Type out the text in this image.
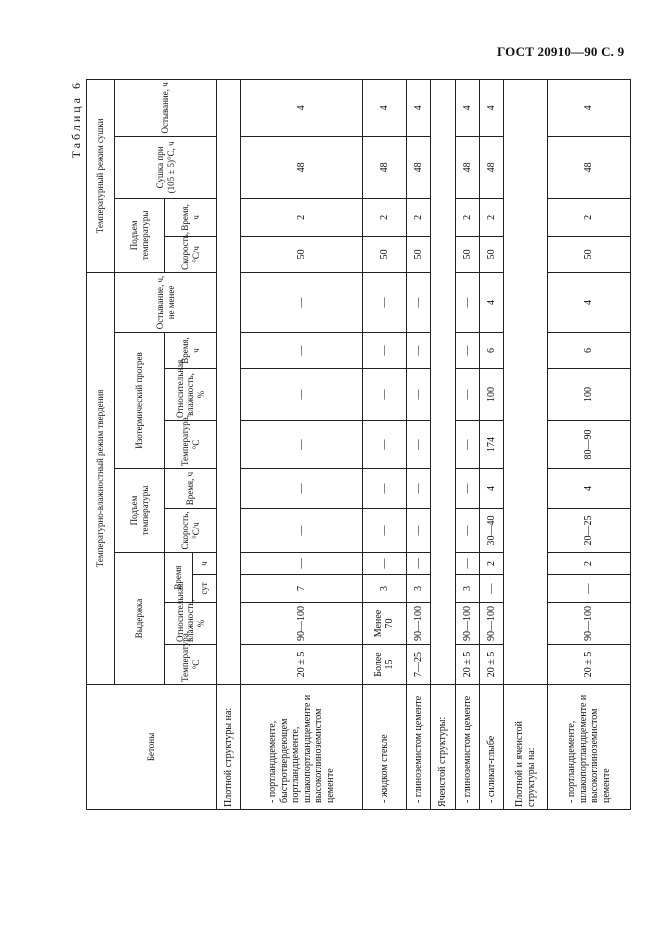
ГОСТ 20910—90 С. 9
Таблица 6
Бетоны	Температурно-влажностный режим твердения										Температурный режим сушки			
	Выдержка				Подъем температуры		Изотермический прогрев			Остывание, ч, не менее	Подъем температуры		Сушка при (105 ± 5)°С, ч	Остывание, ч
	Температура, °С	Относительная влажность, %	Время		Скорость, °С/ч	Время, ч	Температура, °С	Относительная влажность, %	Время, ч		Скорость, °С/ч	Время, ч		
			сут	ч										
Плотной структуры на:														
- портландцементе, быстротвердеющем портландцементе, шлакопортландцементе и высокоглиноземистом цементе	20 ± 5	90—100	7	—	—	—	—	—	—	—	50	2	48	4
- жидком стекле	Более 15	Менее 70	3	—	—	—	—	—	—	—	50	2	48	4
- глиноземистом цементе	7—25	90—100	3	—	—	—	—	—	—	—	50	2	48	4
Ячеистой структуры:														
- глиноземистом цементе	20 ± 5	90—100	3	—	—	—	—	—	—	—	50	2	48	4
- силикат-глыбе	20 ± 5	90—100	—	2	30—40	4	174	100	6	4	50	2	48	4
Плотной и ячеистой структуры на:														
- портландцементе, шлакопортландцементе и высокоглиноземистом цементе	20 ± 5	90—100	—	2	20—25	4	80—90	100	6	4	50	2	48	4
